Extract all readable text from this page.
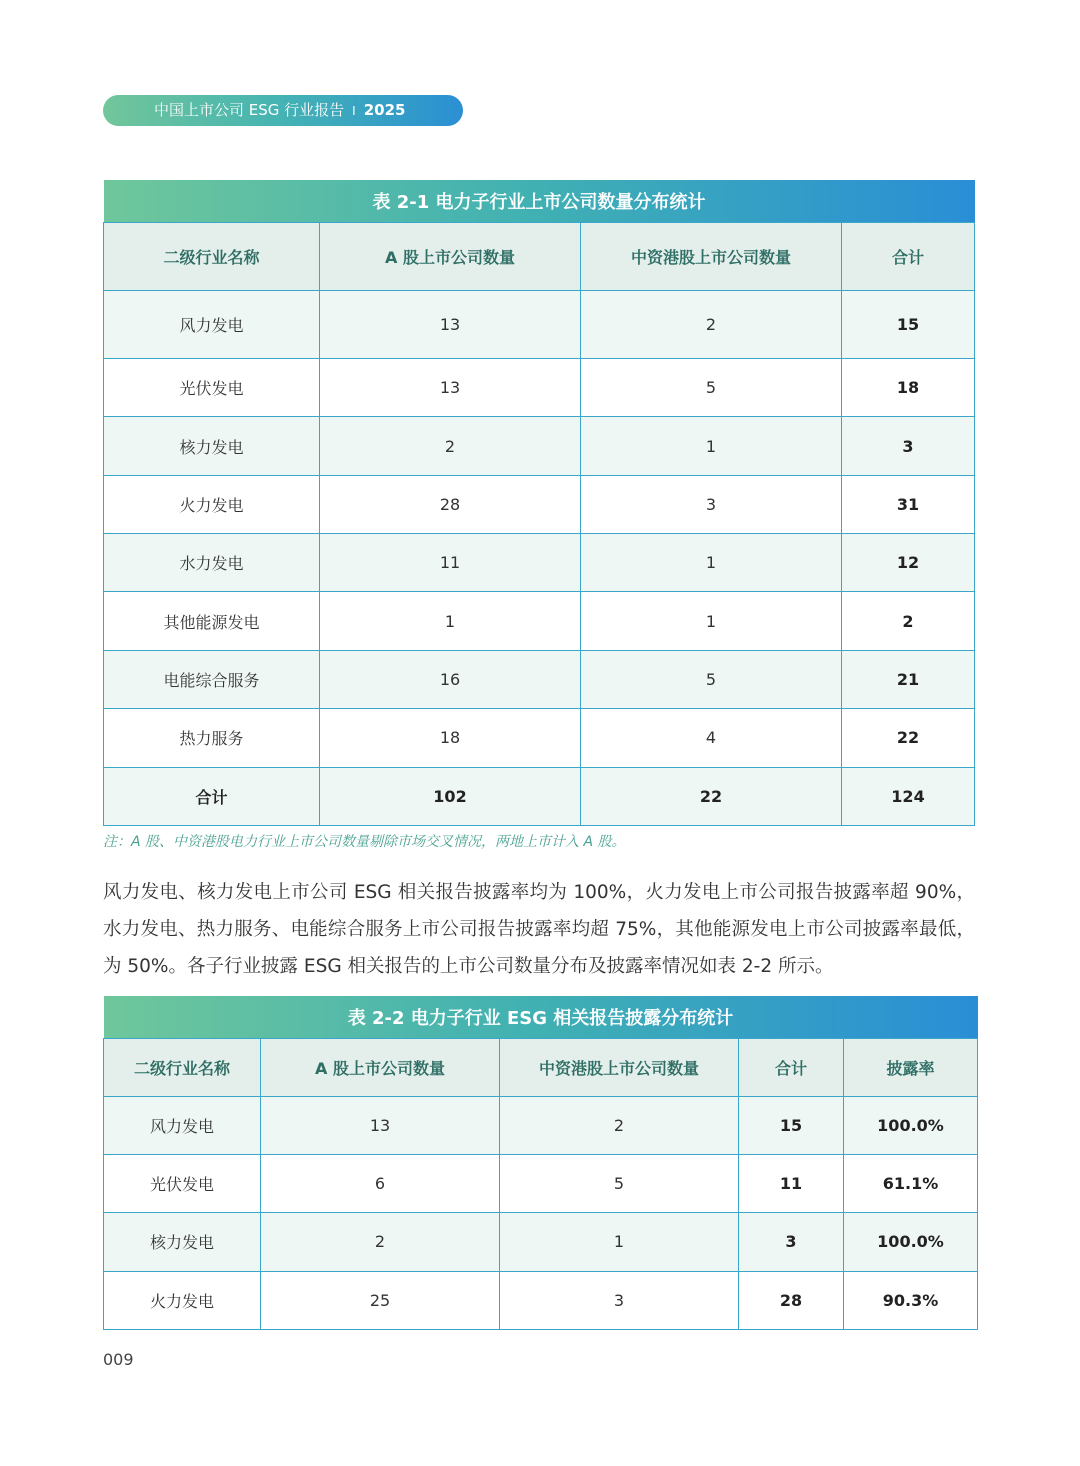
中国上市公司 ESG 行业报告 I 2025
表 2-1 电力子行业上市公司数量分布统计			
二级行业名称	A 股上市公司数量	中资港股上市公司数量	合计
风力发电	13	2	15
光伏发电	13	5	18
核力发电	2	1	3
火力发电	28	3	31
水力发电	11	1	12
其他能源发电	1	1	2
电能综合服务	16	5	21
热力服务	18	4	22
合计	102	22	124
注：A 股、中资港股电力行业上市公司数量剔除市场交叉情况，两地上市计入 A 股。

风力发电、核力发电上市公司 ESG 相关报告披露率均为 100%，火力发电上市公司报告披露率超 90%，水力发电、热力服务、电能综合服务上市公司报告披露率均超 75%，其他能源发电上市公司披露率最低，为 50%。各子行业披露 ESG 相关报告的上市公司数量分布及披露率情况如表 2-2 所示。

表 2-2 电力子行业 ESG 相关报告披露分布统计				
二级行业名称	A 股上市公司数量	中资港股上市公司数量	合计	披露率
风力发电	13	2	15	100.0%
光伏发电	6	5	11	61.1%
核力发电	2	1	3	100.0%
火力发电	25	3	28	90.3%
009
